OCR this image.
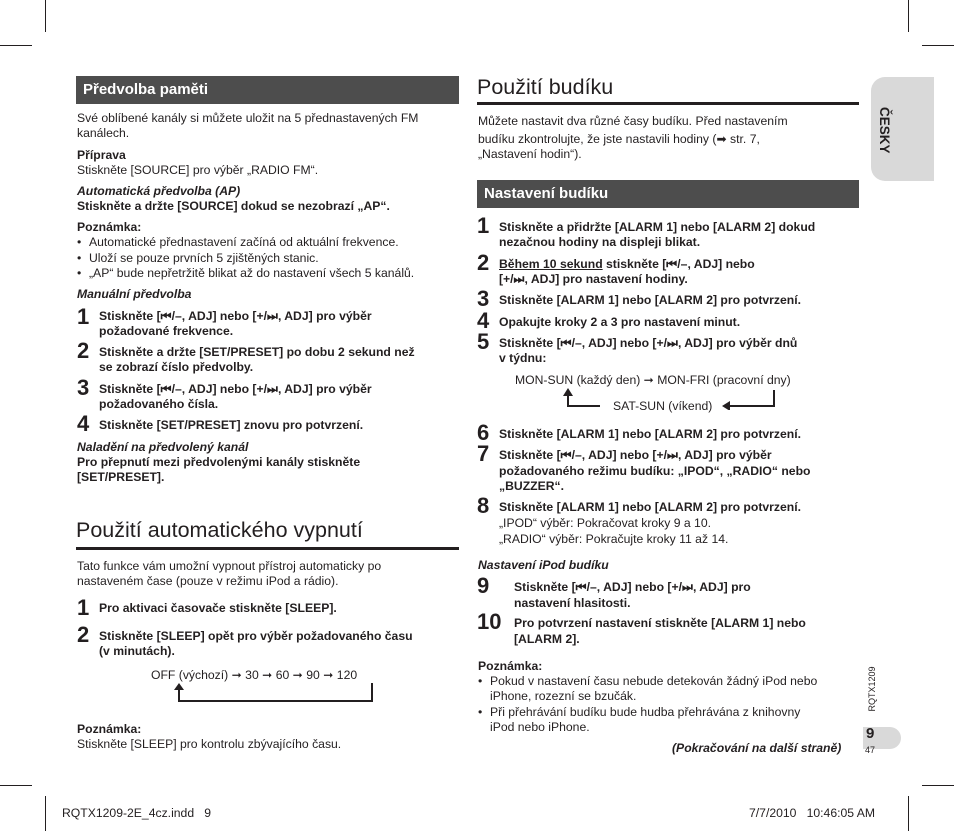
Předvolba paměti
Své oblíbené kanály si můžete uložit na 5 přednastavených FM kanálech.
Příprava
Stiskněte [SOURCE] pro výběr „RADIO FM“.
Automatická předvolba (AP)
Stiskněte a držte [SOURCE] dokud se nezobrazí „AP“.
Poznámka:
• Automatické přednastavení začíná od aktuální frekvence.
• Uloží se pouze prvních 5 zjištěných stanic.
• „AP“ bude nepřetržitě blikat až do nastavení všech 5 kanálů.
Manuální předvolba
1 Stiskněte [⏮/–, ADJ] nebo [+/⏭, ADJ] pro výběr
požadované frekvence.
2 Stiskněte a držte [SET/PRESET] po dobu 2 sekund než
se zobrazí číslo předvolby.
3 Stiskněte [⏮/–, ADJ] nebo [+/⏭, ADJ] pro výběr
požadovaného čísla.
4 Stiskněte [SET/PRESET] znovu pro potvrzení.
Naladění na předvolený kanál
Pro přepnutí mezi předvolenými kanály stiskněte
[SET/PRESET].
Použití automatického vypnutí
Tato funkce vám umožní vypnout přístroj automaticky po
nastaveném čase (pouze v režimu iPod a rádio).
1 Pro aktivaci časovače stiskněte [SLEEP].
2 Stiskněte [SLEEP] opět pro výběr požadovaného času
(v minutách).
OFF (výchozí) ➞ 30 ➞ 60 ➞ 90 ➞ 120
Poznámka:
Stiskněte [SLEEP] pro kontrolu zbývajícího času.
Použití budíku
Můžete nastavit dva různé časy budíku. Před nastavením
budíku zkontrolujte, že jste nastavili hodiny (➡ str. 7,
„Nastavení hodin“).
Nastavení budíku
1 Stiskněte a přidržte [ALARM 1] nebo [ALARM 2] dokud
nezačnou hodiny na displeji blikat.
2 Během 10 sekund stiskněte [⏮/–, ADJ] nebo
[+/⏭, ADJ] pro nastavení hodiny.
3 Stiskněte [ALARM 1] nebo [ALARM 2] pro potvrzení.
4 Opakujte kroky 2 a 3 pro nastavení minut.
5 Stiskněte [⏮/–, ADJ] nebo [+/⏭, ADJ] pro výběr dnů
v týdnu:
MON-SUN (každý den) ➞ MON-FRI (pracovní dny)
SAT-SUN (víkend)
6 Stiskněte [ALARM 1] nebo [ALARM 2] pro potvrzení.
7 Stiskněte [⏮/–, ADJ] nebo [+/⏭, ADJ] pro výběr
požadovaného režimu budíku: „IPOD“, „RADIO“ nebo
„BUZZER“.
8 Stiskněte [ALARM 1] nebo [ALARM 2] pro potvrzení.
„IPOD“ výběr: Pokračovat kroky 9 a 10.
„RADIO“ výběr: Pokračujte kroky 11 až 14.
Nastavení iPod budíku
9 Stiskněte [⏮/–, ADJ] nebo [+/⏭, ADJ] pro
nastavení hlasitosti.
10 Pro potvrzení nastavení stiskněte [ALARM 1] nebo
[ALARM 2].
Poznámka:
• Pokud v nastavení času nebude detekován žádný iPod nebo
iPhone, rozezní se bzučák.
• Při přehrávání budíku bude hudba přehrávána z knihovny
iPod nebo iPhone.
(Pokračování na další straně)
ČESKY
RQTX1209
9
47
RQTX1209-2E_4cz.indd   9	7/7/2010   10:46:05 AM
